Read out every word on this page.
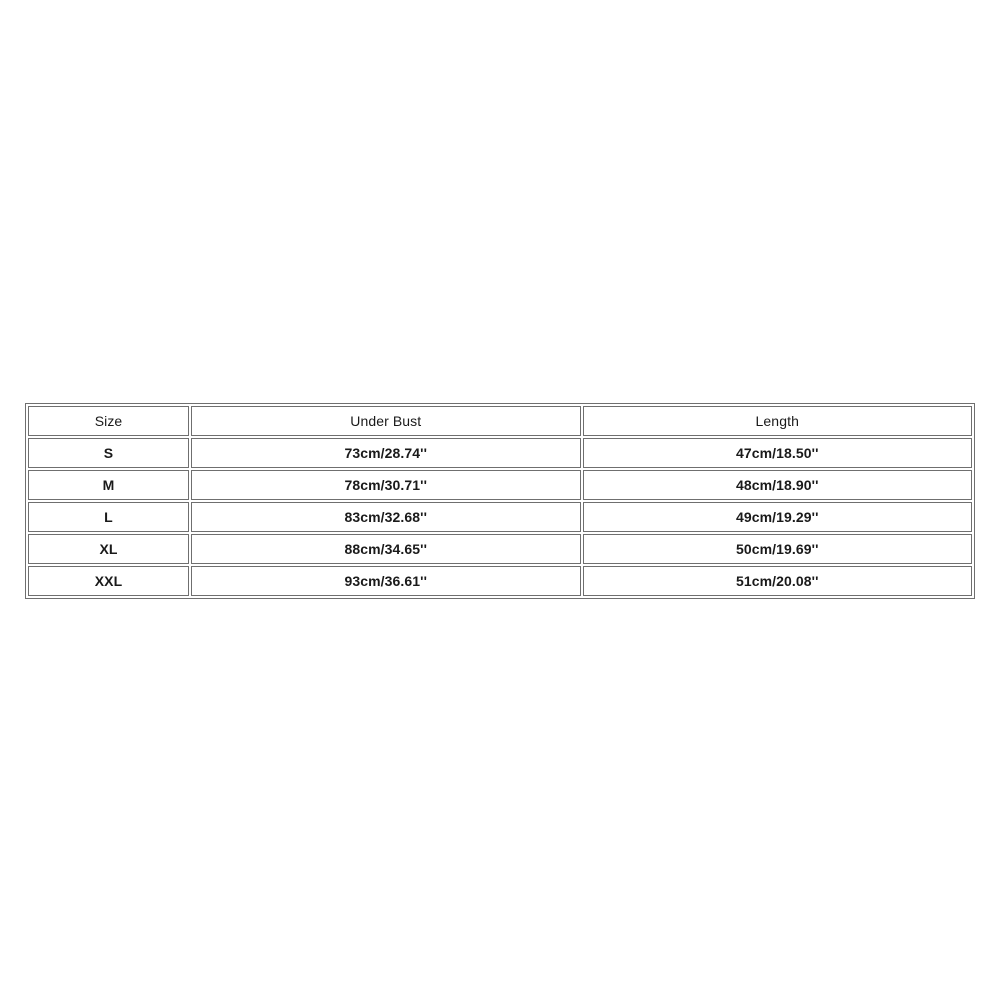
Size	Under Bust	Length
S	73cm/28.74''	47cm/18.50''
M	78cm/30.71''	48cm/18.90''
L	83cm/32.68''	49cm/19.29''
XL	88cm/34.65''	50cm/19.69''
XXL	93cm/36.61''	51cm/20.08''
